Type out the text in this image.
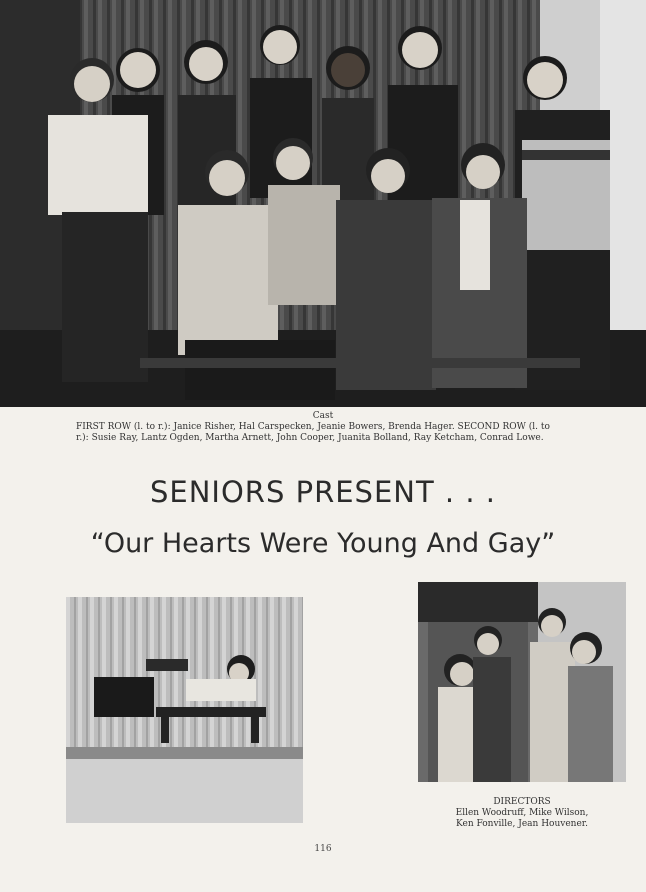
Cast
FIRST ROW (l. to r.): Janice Risher, Hal Carspecken, Jeanie Bowers, Brenda Hager. SECOND ROW (l. to
r.): Susie Ray, Lantz Ogden, Martha Arnett, John Cooper, Juanita Bolland, Ray Ketcham, Conrad Lowe.
SENIORS PRESENT . . .
“Our Hearts Were Young And Gay”
DIRECTORS
Ellen Woodruff, Mike Wilson,
Ken Fonville, Jean Houvener.
116
